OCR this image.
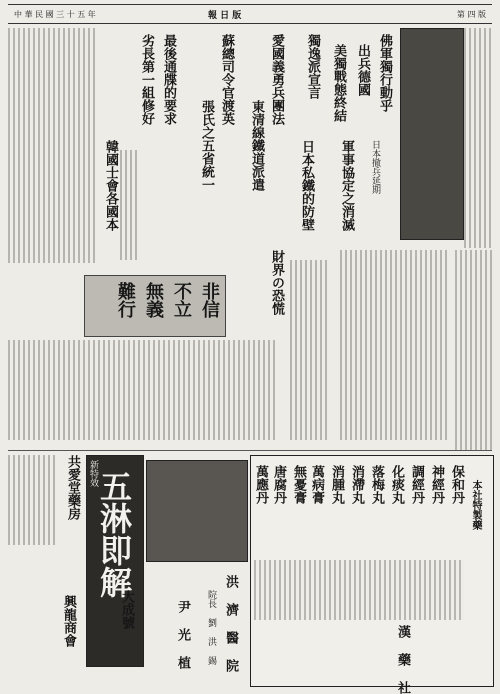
中 華 民 國 三 十 五 年	報 日 版	第 四 版
佛軍獨行動乎
出兵德國
美獨戰態終結
獨逸派宣言
日本撤兵延期
軍事協定之消滅
日本私鐵的防壁
愛國義勇兵團法
東清線鐵道派遣
蘇總司令官渡英
張氏之五省統一
最後通牒的要求
劣長第一組修好
韓國士會各國本
財界の恐慌
非信
不立
無義
難行
本社特製藥
保和丹
神經丹
調經丹
化痰丸
落梅丸
消滯丸
消腫丸
萬病膏
無憂膏
唐腐丹
萬應丹
漢 藥 社
五淋即解
新特效
共愛堂藥房
大成號
興龍商會	尹 光 植	洪 濟 醫 院
院長 劉 洪 錫
